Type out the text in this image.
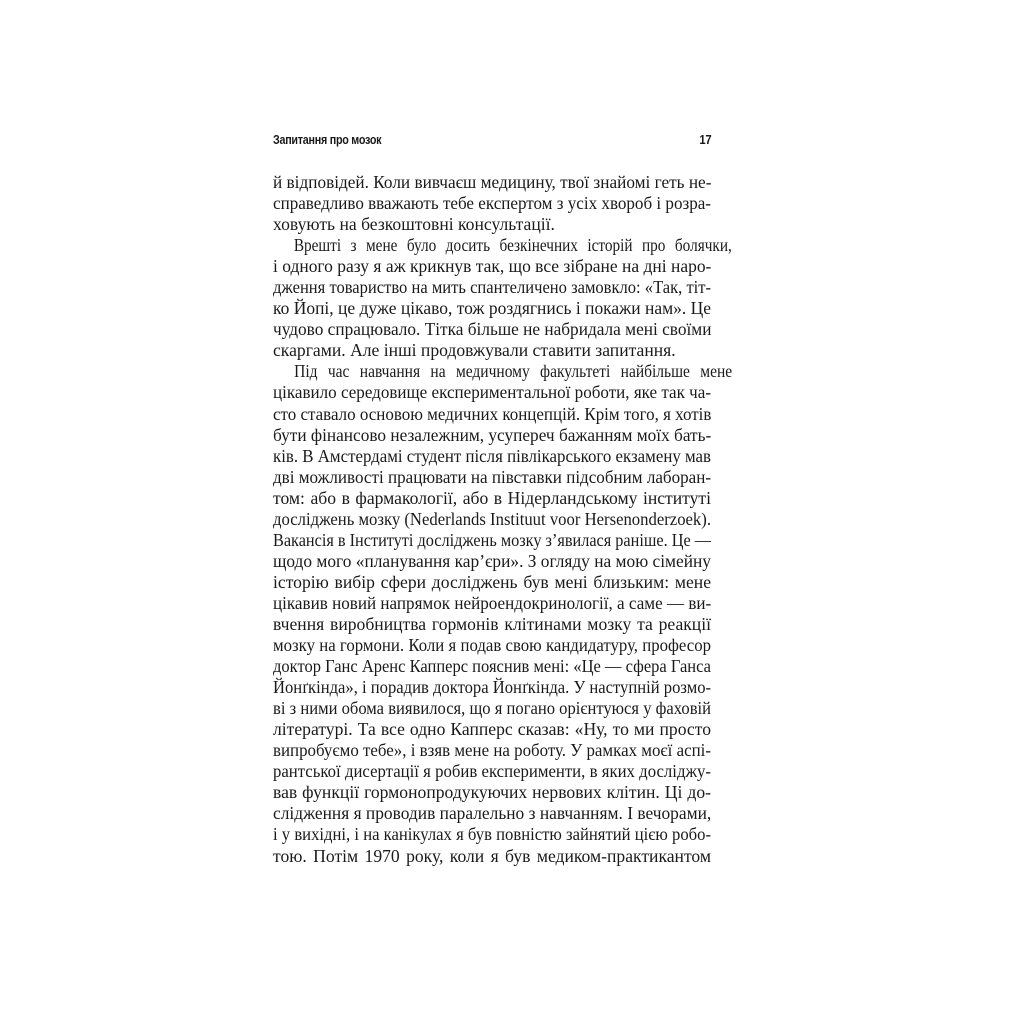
Запитання про мозок	17
й відповідей. Коли вивчаєш медицину, твої знайомі геть не-
справедливо вважають тебе експертом з усіх хвороб і розра-
ховують на безкоштовні консультації.
Врешті з мене було досить безкінечних історій про болячки,
і одного разу я аж крикнув так, що все зібране на дні наро-
дження товариство на мить спантеличено замовкло: «Так, тіт-
ко Йопі, це дуже цікаво, тож роздягнись і покажи нам». Це
чудово спрацювало. Тітка більше не набридала мені своїми
скаргами. Але інші продовжували ставити запитання.
Під час навчання на медичному факультеті найбільше мене
цікавило середовище експериментальної роботи, яке так ча-
сто ставало основою медичних концепцій. Крім того, я хотів
бути фінансово незалежним, усупереч бажанням моїх бать-
ків. В Амстердамі студент після півлікарського екзамену мав
дві можливості працювати на півставки підсобним лаборан-
том: або в фармакології, або в Нідерландському інституті
досліджень мозку (Nederlands Instituut voor Hersenonderzoek).
Вакансія в Інституті досліджень мозку з’явилася раніше. Це —
щодо мого «планування кар’єри». З огляду на мою сімейну
історію вибір сфери досліджень був мені близьким: мене
цікавив новий напрямок нейроендокринології, а саме — ви-
вчення виробництва гормонів клітинами мозку та реакції
мозку на гормони. Коли я подав свою кандидатуру, професор
доктор Ганс Аренс Капперс пояснив мені: «Це — сфера Ганса
Йонґкінда», і порадив доктора Йонґкінда. У наступній розмо-
ві з ними обома виявилося, що я погано орієнтуюся у фаховій
літературі. Та все одно Капперс сказав: «Ну, то ми просто
випробуємо тебе», і взяв мене на роботу. У рамках моєї аспі-
рантської дисертації я робив експерименти, в яких досліджу-
вав функції гормонопродукуючих нервових клітин. Ці до-
слідження я проводив паралельно з навчанням. І вечорами,
і у вихідні, і на канікулах я був повністю зайнятий цією робо-
тою. Потім 1970 року, коли я був медиком-практикантом
